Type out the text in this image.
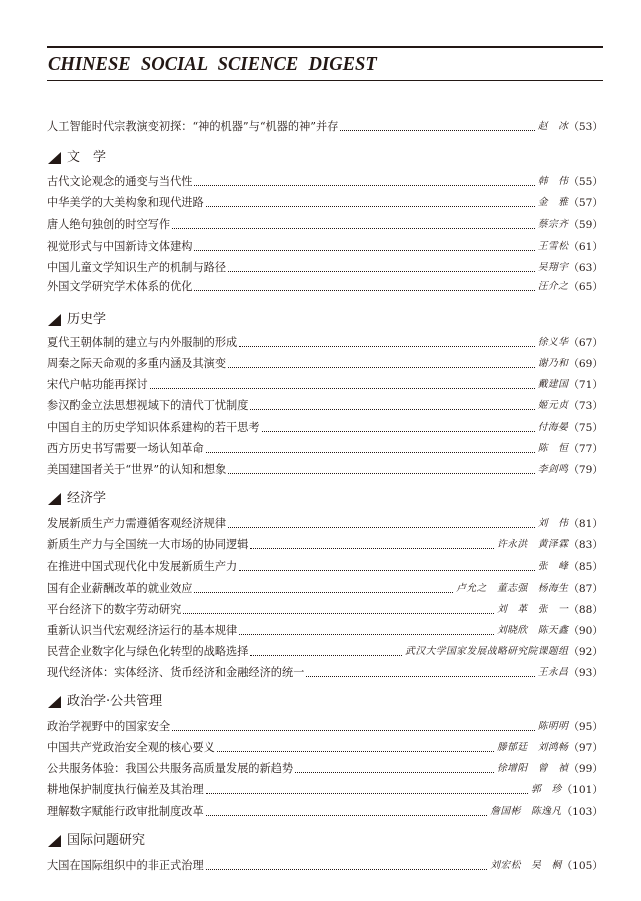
CHINESE SOCIAL SCIENCE DIGEST
人工智能时代宗教演变初探：“神的机器”与“机器的神”并存	赵　冰 （53）
文　学
古代文论观念的通变与当代性	韩　伟 （55）
中华美学的大美构象和现代进路	金　雅 （57）
唐人绝句独创的时空写作	蔡宗齐 （59）
视觉形式与中国新诗文体建构	王雪松 （61）
中国儿童文学知识生产的机制与路径	吴翔宇 （63）
外国文学研究学术体系的优化	汪介之 （65）
历史学
夏代王朝体制的建立与内外服制的形成	徐义华 （67）
周秦之际天命观的多重内涵及其演变	谢乃和 （69）
宋代户帖功能再探讨	戴建国 （71）
参汉酌金立法思想视域下的清代丁忧制度	姬元贞 （73）
中国自主的历史学知识体系建构的若干思考	付海晏 （75）
西方历史书写需要一场认知革命	陈　恒 （77）
美国建国者关于“世界”的认知和想象	李剑鸣 （79）
经济学
发展新质生产力需遵循客观经济规律	刘　伟 （81）
新质生产力与全国统一大市场的协同逻辑	许永洪　黄泽霖 （83）
在推进中国式现代化中发展新质生产力	张　峰 （85）
国有企业薪酬改革的就业效应	卢允之　董志强　杨海生 （87）
平台经济下的数字劳动研究	刘　革　张　一 （88）
重新认识当代宏观经济运行的基本规律	刘晓欣　陈天鑫 （90）
民营企业数字化与绿色化转型的战略选择	武汉大学国家发展战略研究院课题组 （92）
现代经济体：实体经济、货币经济和金融经济的统一	王永昌 （93）
政治学·公共管理
政治学视野中的国家安全	陈明明 （95）
中国共产党政治安全观的核心要义	滕郁廷　刘鸿畅 （97）
公共服务体验：我国公共服务高质量发展的新趋势	徐增阳　曾　禎 （99）
耕地保护制度执行偏差及其治理	郭　珍 （101）
理解数字赋能行政审批制度改革	詹国彬　陈逸凡 （103）
国际问题研究
大国在国际组织中的非正式治理	刘宏松　吴　桐 （105）
